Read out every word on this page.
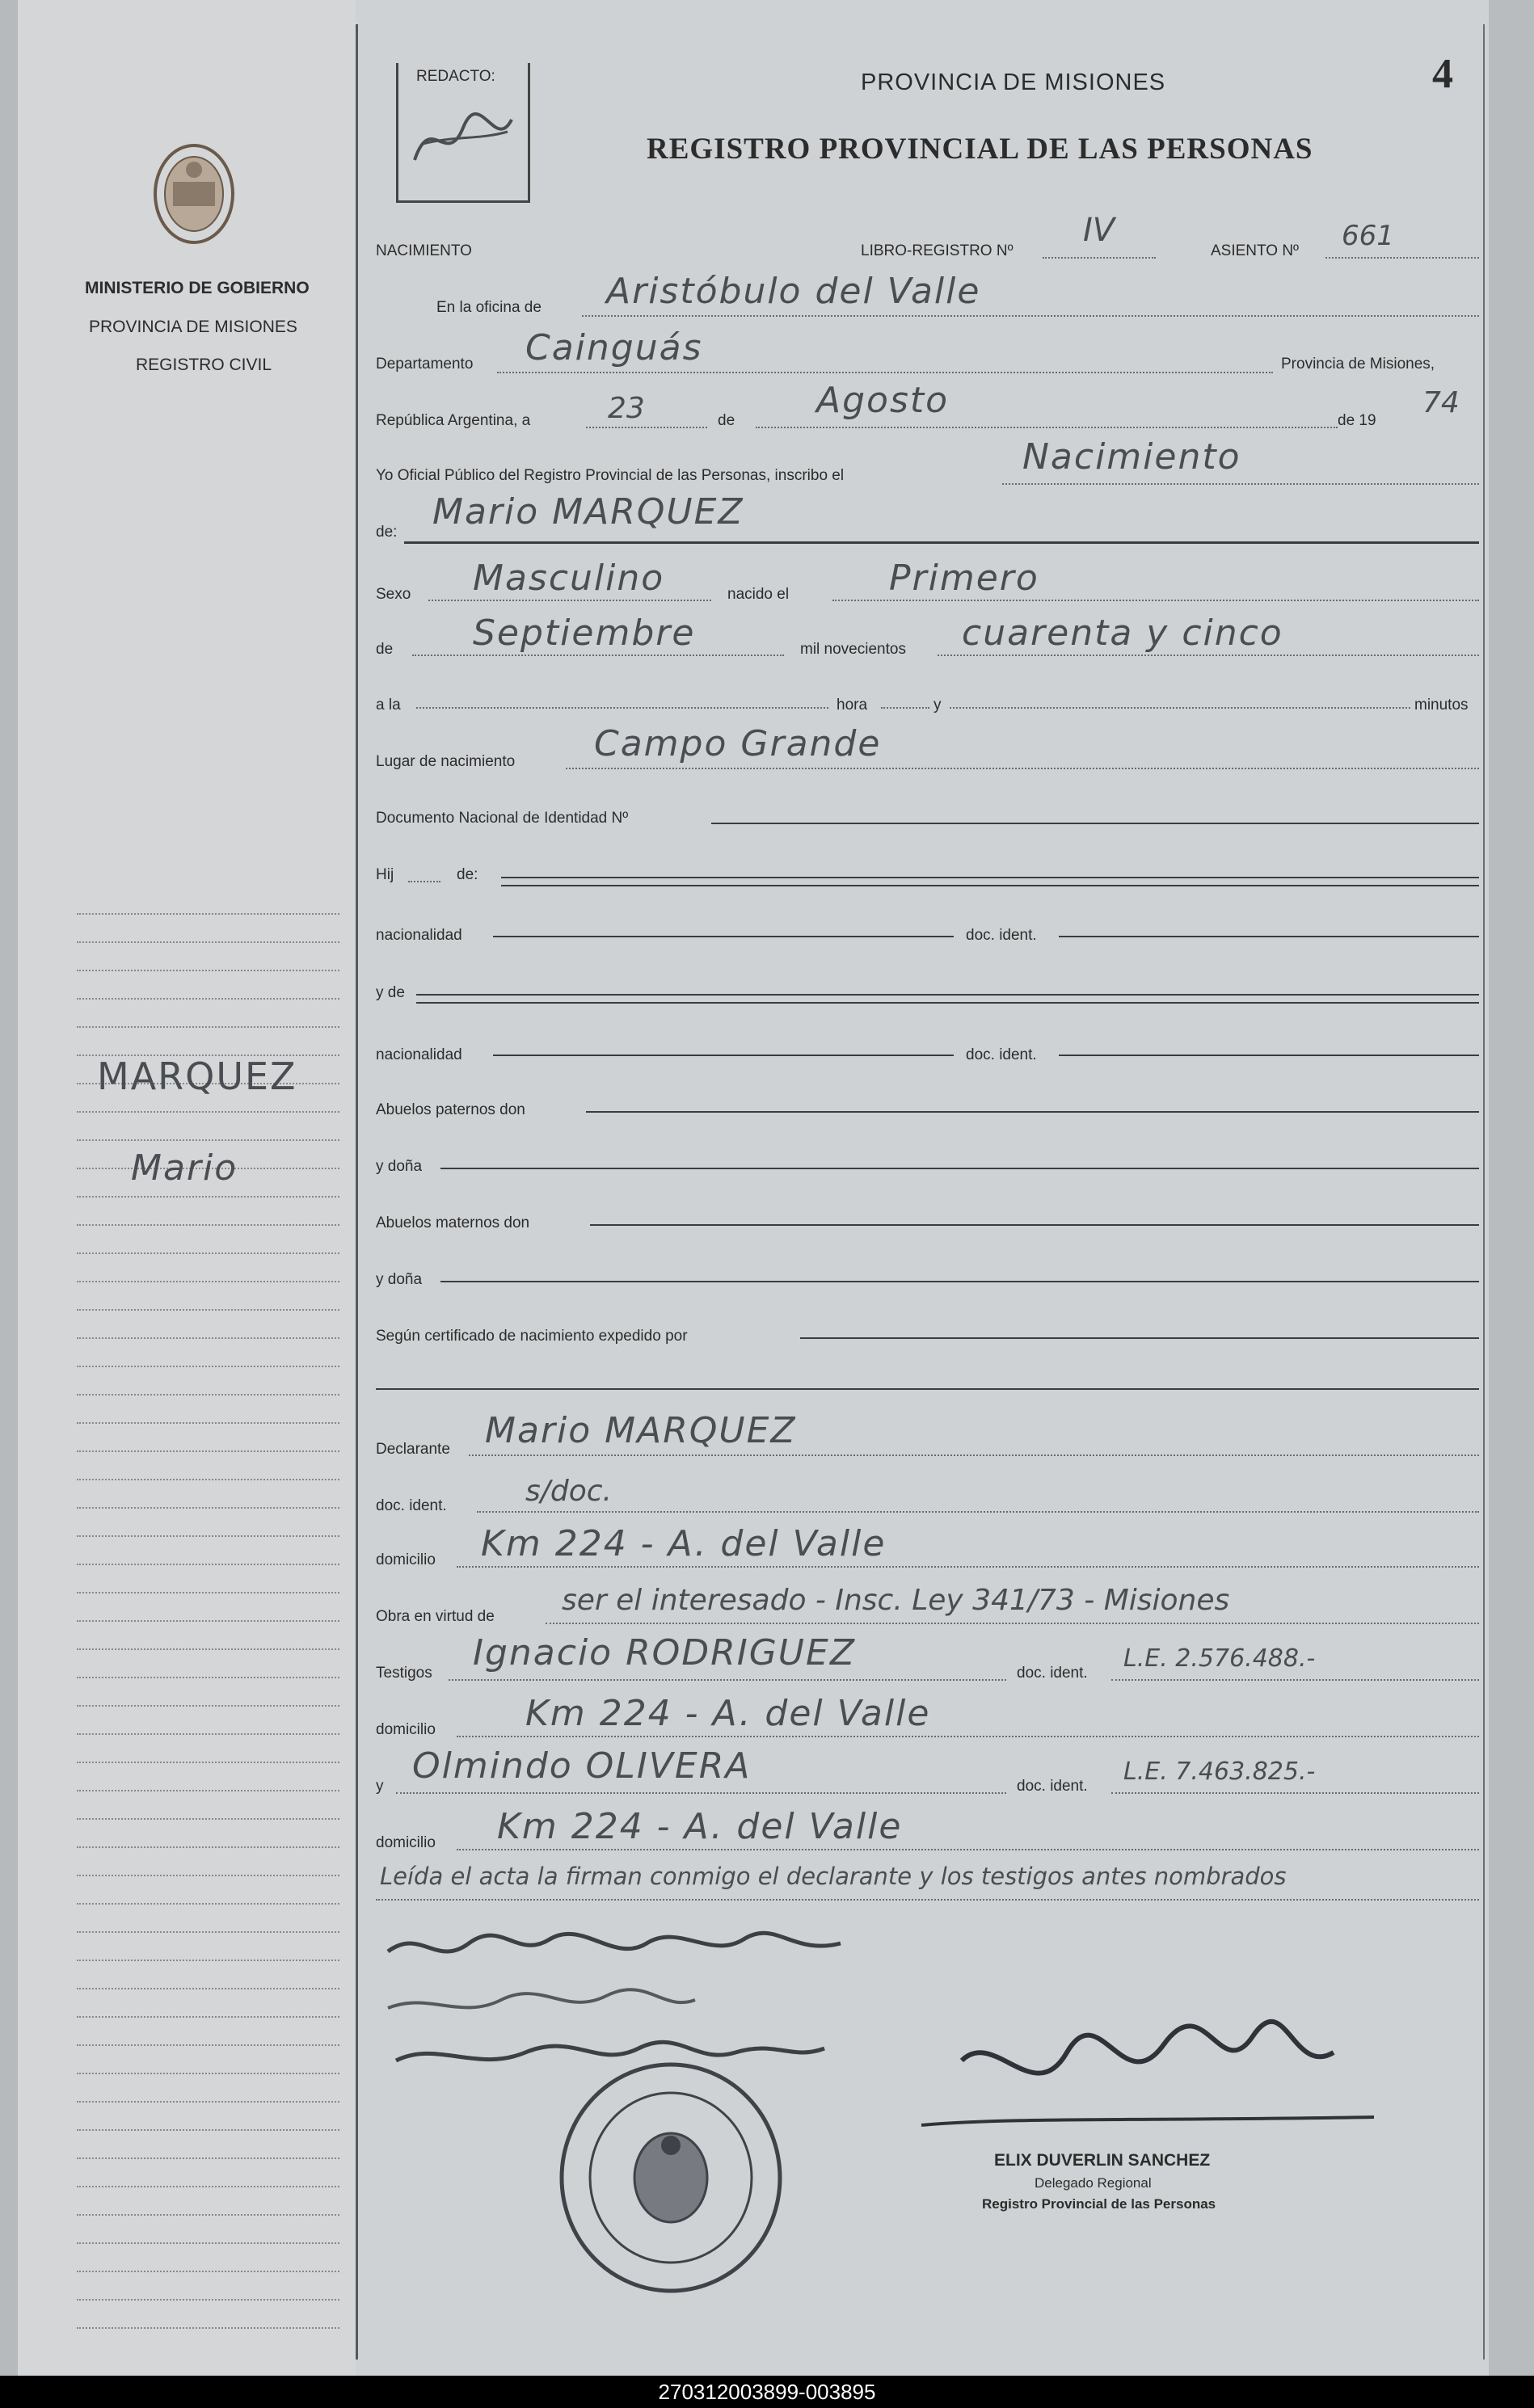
MINISTERIO DE GOBIERNO
PROVINCIA DE MISIONES
REGISTRO CIVIL
MARQUEZ
Mario
REDACTO:	PROVINCIA DE MISIONES
REGISTRO PROVINCIAL DE LAS PERSONAS
4
NACIMIENTO	LIBRO-REGISTRO Nº
IV
ASIENTO Nº 661
En la oficina de Aristóbulo del Valle
Departamento Cainguás	Provincia de Misiones,
República Argentina, a	23	de Agosto	de 19
74
Yo Oficial Público del Registro Provincial de las Personas, inscribo el	Nacimiento
de: Mario MARQUEZ
Sexo Masculino	nacido el	Primero
de Septiembre	mil novecientos cuarenta y cinco
a la	hora	y	minutos
Lugar de nacimiento Campo Grande
Documento Nacional de Identidad Nº
Hij	de:
nacionalidad	doc. ident.
y de
nacionalidad	doc. ident.
Abuelos paternos don
y doña
Abuelos maternos don
y doña
Según certificado de nacimiento expedido por
Declarante Mario MARQUEZ
doc. ident.	s/doc.
domicilio Km 224 - A. del Valle
Obra en virtud de ser el interesado - Insc. Ley 341/73 - Misiones
Testigos Ignacio RODRIGUEZ	doc. ident.
L.E. 2.576.488.-
domicilio	Km 224 - A. del Valle
y Olmindo OLIVERA	doc. ident.
L.E. 7.463.825.-
domicilio Km 224 - A. del Valle
Leída el acta la firman conmigo el declarante y los testigos antes nombrados
ELIX DUVERLIN SANCHEZ
Delegado Regional
Registro Provincial de las Personas
270312003899-003895
